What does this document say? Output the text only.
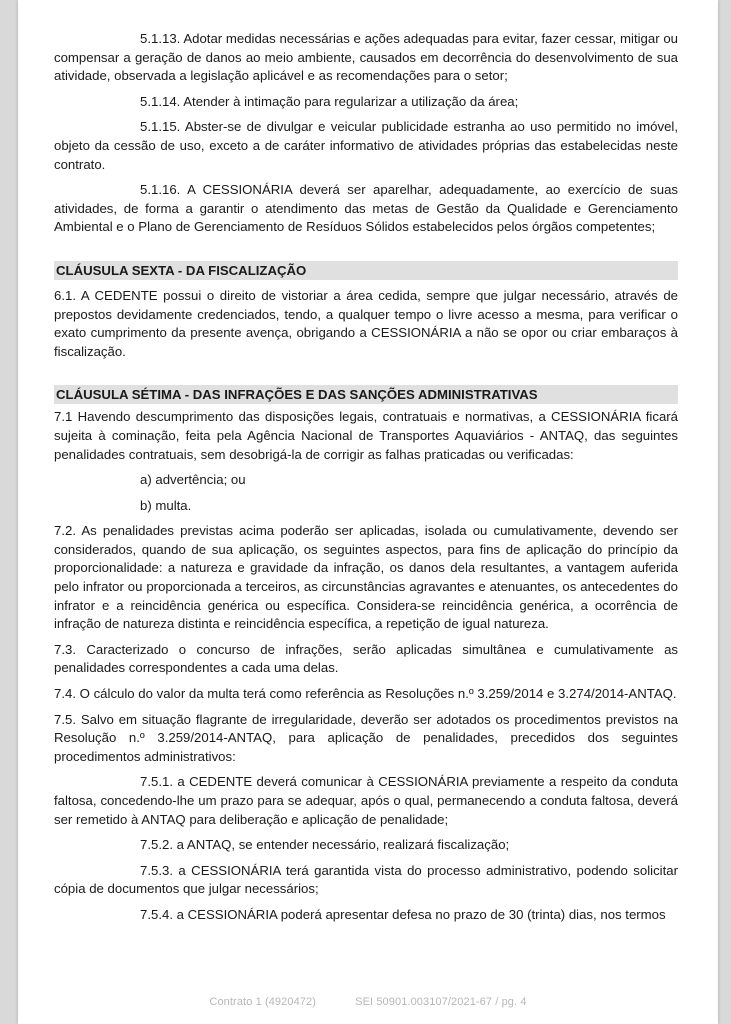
5.1.13. Adotar medidas necessárias e ações adequadas para evitar, fazer cessar, mitigar ou compensar a geração de danos ao meio ambiente, causados em decorrência do desenvolvimento de sua atividade, observada a legislação aplicável e as recomendações para o setor;

5.1.14. Atender à intimação para regularizar a utilização da área;

5.1.15. Abster-se de divulgar e veicular publicidade estranha ao uso permitido no imóvel, objeto da cessão de uso, exceto a de caráter informativo de atividades próprias das estabelecidas neste contrato.

5.1.16. A CESSIONÁRIA deverá ser aparelhar, adequadamente, ao exercício de suas atividades, de forma a garantir o atendimento das metas de Gestão da Qualidade e Gerenciamento Ambiental e o Plano de Gerenciamento de Resíduos Sólidos estabelecidos pelos órgãos competentes;

CLÁUSULA SEXTA - DA FISCALIZAÇÃO

6.1. A CEDENTE possui o direito de vistoriar a área cedida, sempre que julgar necessário, através de prepostos devidamente credenciados, tendo, a qualquer tempo o livre acesso a mesma, para verificar o exato cumprimento da presente avença, obrigando a CESSIONÁRIA a não se opor ou criar embaraços à fiscalização.

CLÁUSULA SÉTIMA - DAS INFRAÇÕES E DAS SANÇÕES ADMINISTRATIVAS

7.1 Havendo descumprimento das disposições legais, contratuais e normativas, a CESSIONÁRIA ficará sujeita à cominação, feita pela Agência Nacional de Transportes Aquaviários - ANTAQ, das seguintes penalidades contratuais, sem desobrigá-la de corrigir as falhas praticadas ou verificadas:

a) advertência; ou

b) multa.

7.2. As penalidades previstas acima poderão ser aplicadas, isolada ou cumulativamente, devendo ser considerados, quando de sua aplicação, os seguintes aspectos, para fins de aplicação do princípio da proporcionalidade: a natureza e gravidade da infração, os danos dela resultantes, a vantagem auferida pelo infrator ou proporcionada a terceiros, as circunstâncias agravantes e atenuantes, os antecedentes do infrator e a reincidência genérica ou específica. Considera-se reincidência genérica, a ocorrência de infração de natureza distinta e reincidência específica, a repetição de igual natureza.

7.3. Caracterizado o concurso de infrações, serão aplicadas simultânea e cumulativamente as penalidades correspondentes a cada uma delas.

7.4. O cálculo do valor da multa terá como referência as Resoluções n.º 3.259/2014 e 3.274/2014-ANTAQ.

7.5. Salvo em situação flagrante de irregularidade, deverão ser adotados os procedimentos previstos na Resolução n.º 3.259/2014-ANTAQ, para aplicação de penalidades, precedidos dos seguintes procedimentos administrativos:

7.5.1. a CEDENTE deverá comunicar à CESSIONÁRIA previamente a respeito da conduta faltosa, concedendo-lhe um prazo para se adequar, após o qual, permanecendo a conduta faltosa, deverá ser remetido à ANTAQ para deliberação e aplicação de penalidade;

7.5.2. a ANTAQ, se entender necessário, realizará fiscalização;

7.5.3. a CESSIONÁRIA terá garantida vista do processo administrativo, podendo solicitar cópia de documentos que julgar necessários;

7.5.4. a CESSIONÁRIA poderá apresentar defesa no prazo de 30 (trinta) dias, nos termos

Contrato 1 (4920472)	SEI 50901.003107/2021-67 / pg. 4
